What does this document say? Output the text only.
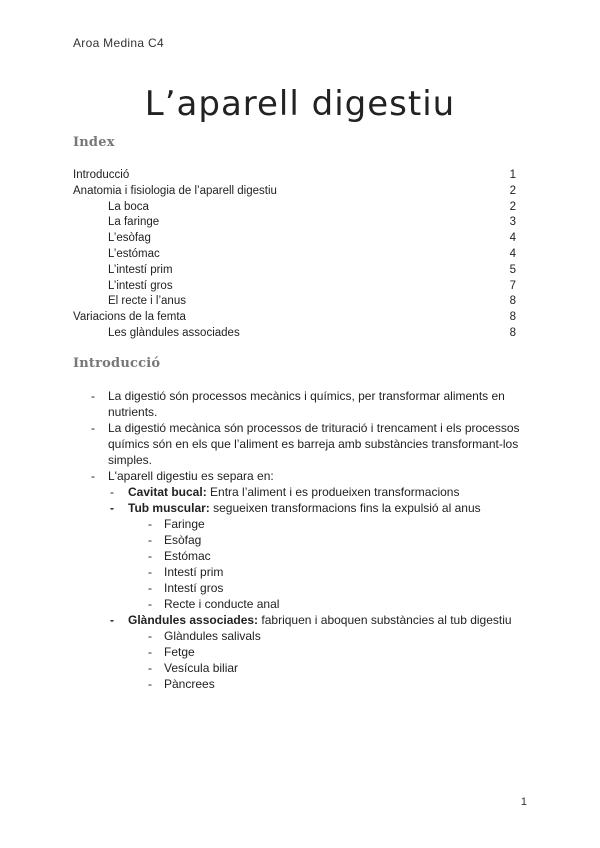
Aroa Medina C4
L’aparell digestiu
Index
Introducció	1
Anatomia i fisiologia de l’aparell digestiu	2
La boca	2
La faringe	3
L’esòfag	4
L’estómac	4
L’intestí prim	5
L’intestí gros	7
El recte i l’anus	8
Variacions de la femta	8
Les glàndules associades	8
Introducció
- La digestió són processos mecànics i químics, per transformar aliments en nutrients.
- La digestió mecànica són processos de trituració i trencament i els processos químics són en els que l’aliment es barreja amb substàncies transformant-los simples.
- L'aparell digestiu es separa en:
- Cavitat bucal: Entra l’aliment i es produeixen transformacions
- Tub muscular: segueixen transformacions fins la expulsió al anus
- Faringe
- Esòfag
- Estómac
- Intestí prim
- Intestí gros
- Recte i conducte anal
- Glàndules associades: fabriquen i aboquen substàncies al tub digestiu
- Glàndules salivals
- Fetge
- Vesícula biliar
- Pàncrees
1
